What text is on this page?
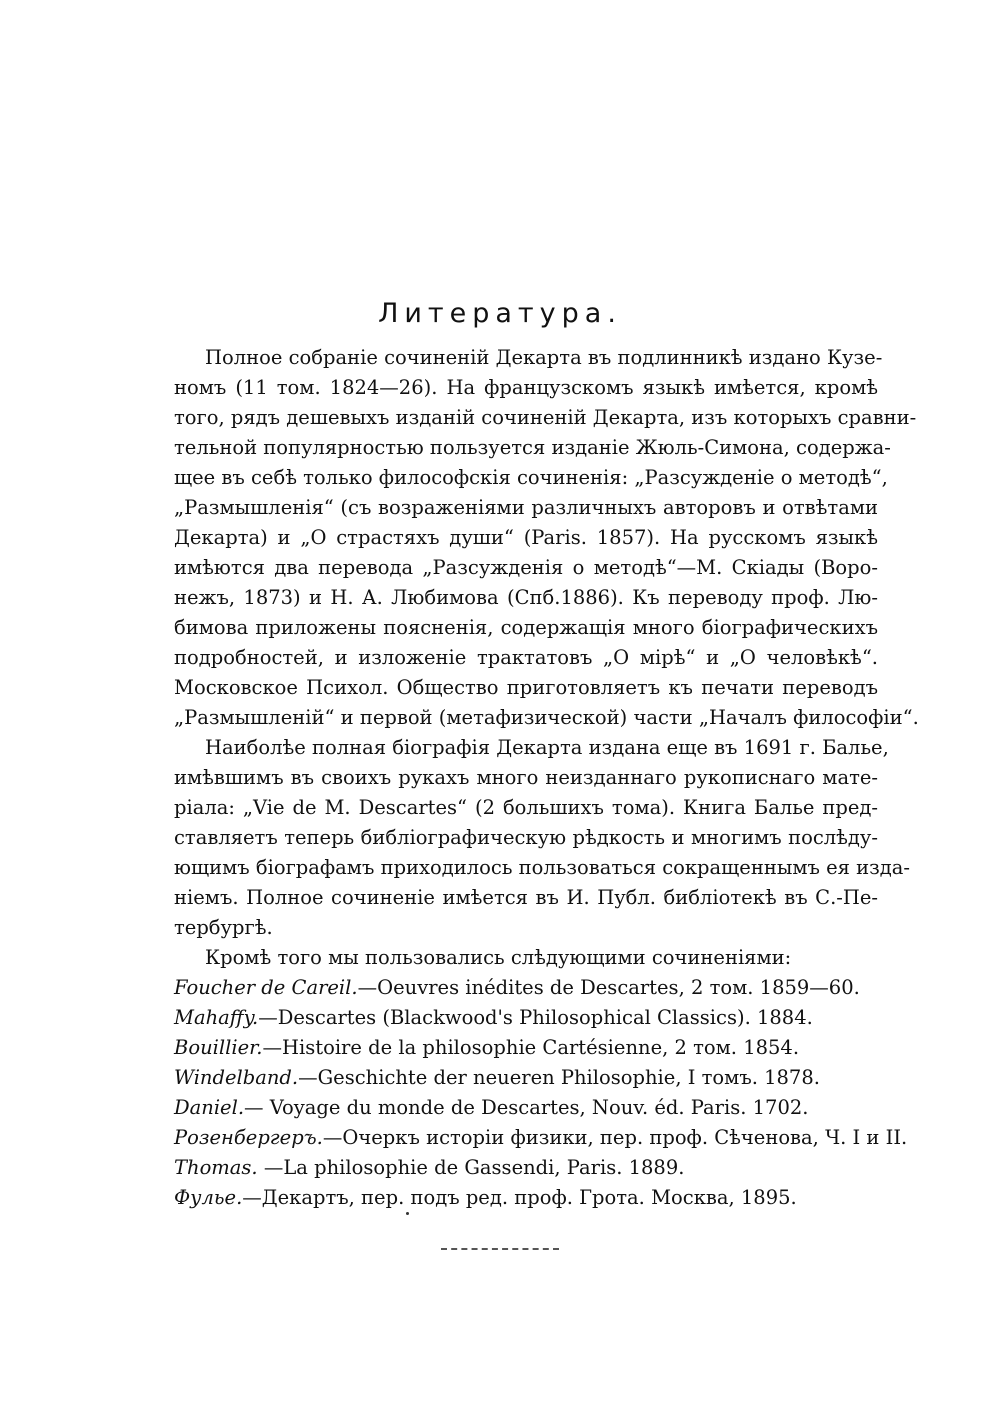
Литература.
Полное собраніе сочиненій Декарта въ подлинникѣ издано Кузе-
номъ (11 том. 1824—26). На французскомъ языкѣ имѣется, кромѣ
того, рядъ дешевыхъ изданій сочиненій Декарта, изъ которыхъ сравни-
тельной популярностью пользуется изданіе Жюль-Симона, содержа-
щее въ себѣ только философскія сочиненія: „Разсужденіе о методѣ“,
„Размышленія“ (съ возраженіями различныхъ авторовъ и отвѣтами
Декарта) и „О страстяхъ души“ (Paris. 1857). На русскомъ языкѣ
имѣются два перевода „Разсужденія о методѣ“—М. Скіады (Воро-
нежъ, 1873) и Н. А. Любимова (Спб.1886). Къ переводу проф. Лю-
бимова приложены поясненія, содержащія много біографическихъ
подробностей, и изложеніе трактатовъ „О мірѣ“ и „О человѣкѣ“.
Московское Психол. Общество приготовляетъ къ печати переводъ
„Размышленій“ и первой (метафизической) части „Началъ философіи“.
Наиболѣе полная біографія Декарта издана еще въ 1691 г. Балье,
имѣвшимъ въ своихъ рукахъ много неизданнаго рукописнаго мате-
ріала: „Vie de M. Descartes“ (2 большихъ тома). Книга Балье пред-
ставляетъ теперь библіографическую рѣдкость и многимъ послѣду-
ющимъ біографамъ приходилось пользоваться сокращеннымъ ея изда-
ніемъ. Полное сочиненіе имѣется въ И. Публ. библіотекѣ въ С.-Пе-
тербургѣ.
Кромѣ того мы пользовались слѣдующими сочиненіями:
Foucher de Careil.—Oeuvres inédites de Descartes, 2 том. 1859—60.
Mahaffy.—Descartes (Blackwood's Philosophical Classics). 1884.
Bouillier.—Histoire de la philosophie Cartésienne, 2 том. 1854.
Windelband.—Geschichte der neueren Philosophie, I томъ. 1878.
Daniel.— Voyage du monde de Descartes, Nouv. éd. Paris. 1702.
Розенбергеръ.—Очеркъ исторіи физики, пер. проф. Сѣченова, Ч. I и II.
Thomas. —La philosophie de Gassendi, Paris. 1889.
Фулье.—Декартъ, пер. подъ ред. проф. Грота. Москва, 1895.
